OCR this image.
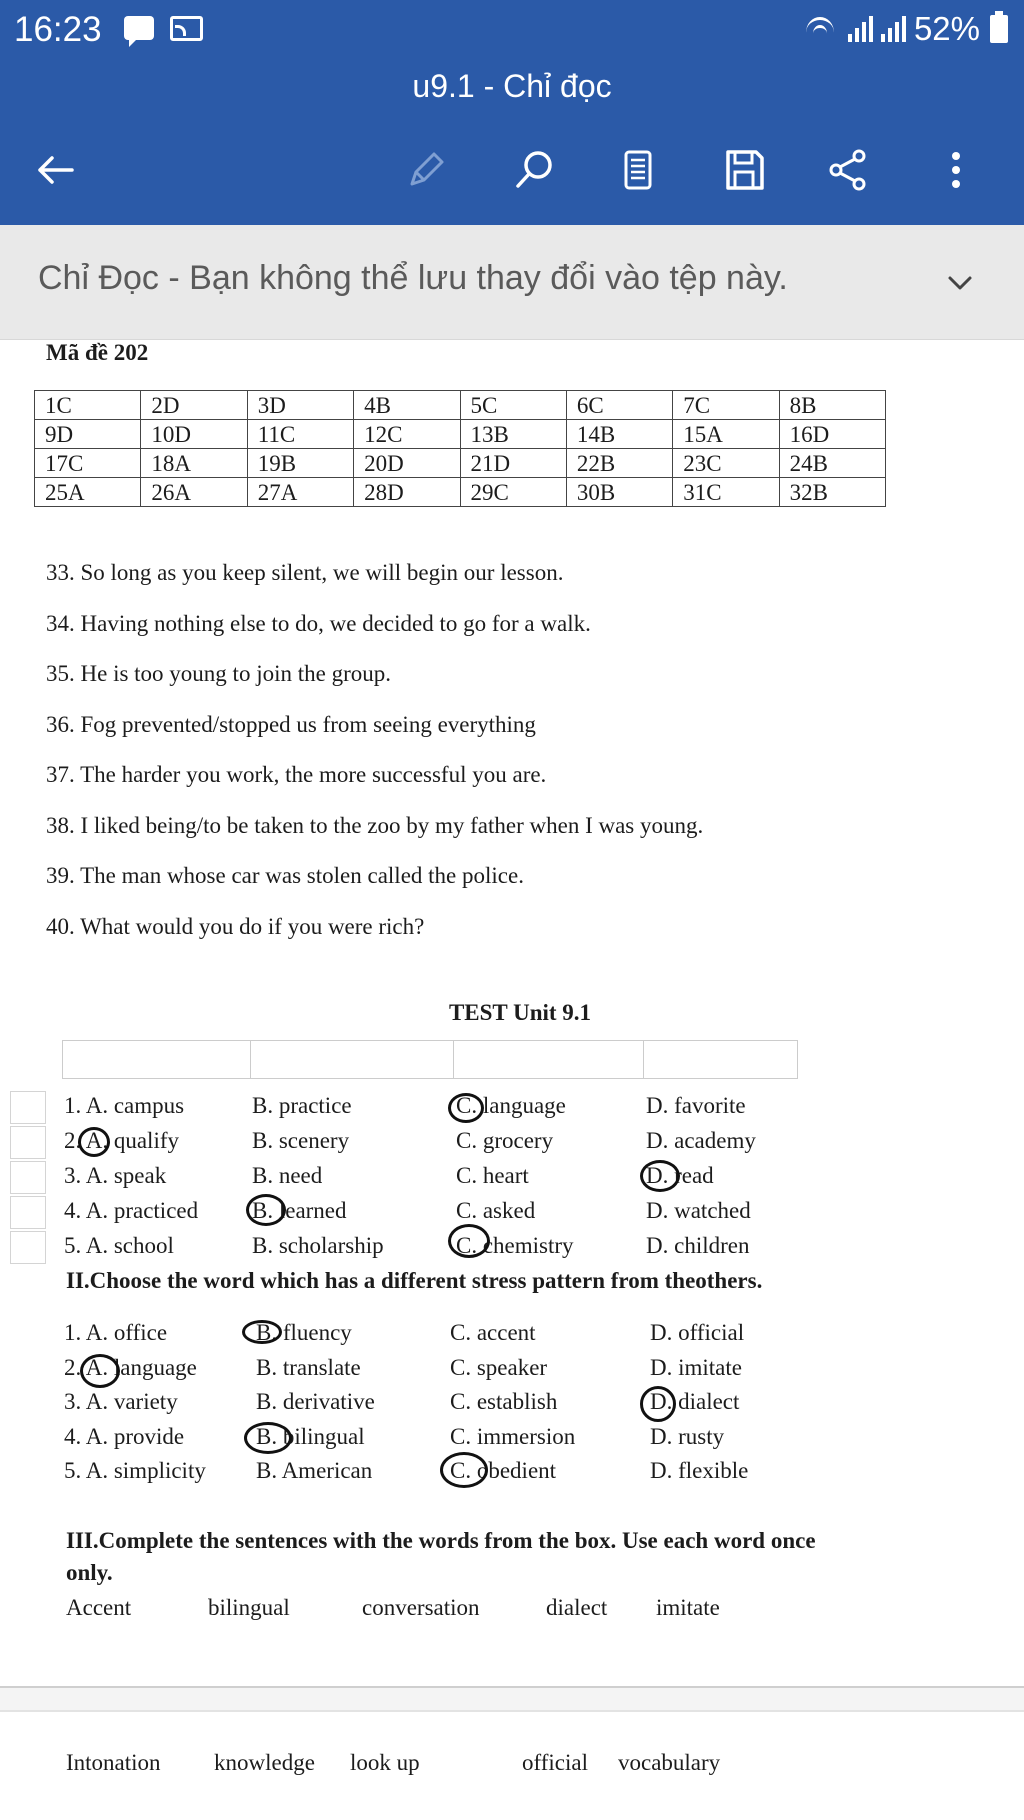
16:23	52%
u9.1 - Chỉ đọc
Chỉ Đọc - Bạn không thể lưu thay đổi vào tệp này.
Mã đề 202
1C	2D	3D	4B	5C	6C	7C	8B
9D	10D	11C	12C	13B	14B	15A	16D
17C	18A	19B	20D	21D	22B	23C	24B
25A	26A	27A	28D	29C	30B	31C	32B
33. So long as you keep silent, we will begin our lesson.
34. Having nothing else to do, we decided to go for a walk.
35. He is too young to join the group.
36. Fog prevented/stopped us from seeing everything
37. The harder you work, the more successful you are.
38. I liked being/to be taken to the zoo by my father when I was young.
39. The man whose car was stolen called the police.
40. What would you do if you were rich?
TEST Unit 9.1

1. A. campus	B. practice	C. language	D. favorite
2. A. qualify	B. scenery	C. grocery	D. academy
3. A. speak	B. need	C. heart	D. read
4. A. practiced B. learned	C. asked	D. watched
5. A. school	B. scholarship	C. chemistry	D. children
II.Choose the word which has a different stress pattern from theothers.
1. A. office	B. fluency	C. accent	D. official
2. A. language	B. translate	C. speaker	D. imitate
3. A. variety	B. derivative	C. establish	D. dialect
4. A. provide	B. bilingual	C. immersion	D. rusty
5. A. simplicity B. American	C. obedient	D. flexible
III.Complete the sentences with the words from the box. Use each word once
only.
Accent	bilingual	conversation	dialect imitate
Intonation knowledge look up	official vocabulary
